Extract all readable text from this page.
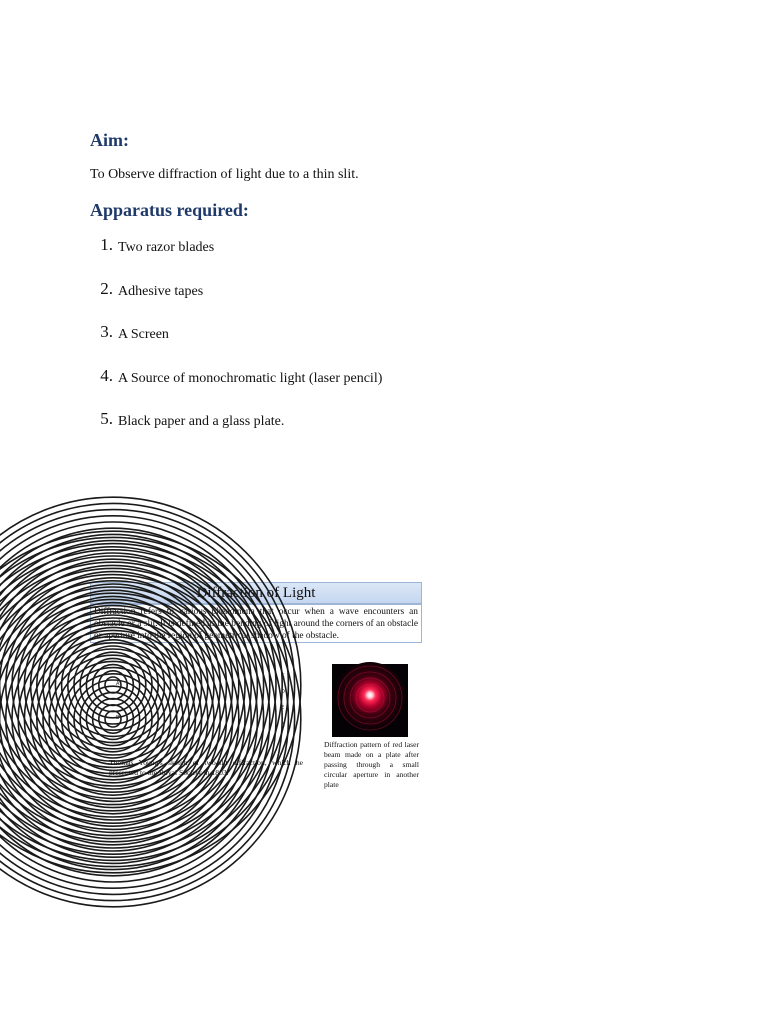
Aim:
To Observe diffraction of light due to a thin slit.
Apparatus required:
1. Two razor blades
2. Adhesive tapes
3. A Screen
4. A Source of monochromatic light (laser pencil)
5. Black paper and a glass plate.
Diffraction of Light
Diffraction refers to various phenomena that occur when a wave encounters an obstacle or a slit. It is defined as the bending of light around the corners of an obstacle or aperture into the region of geometrical shadow of the obstacle.
A
B
C
D
E
F
Thomas Young's sketch of two-slit diffraction, which he presented to the Royal Society in 1803.
Diffraction pattern of red laser beam made on a plate after passing through a small circular aperture in another plate
